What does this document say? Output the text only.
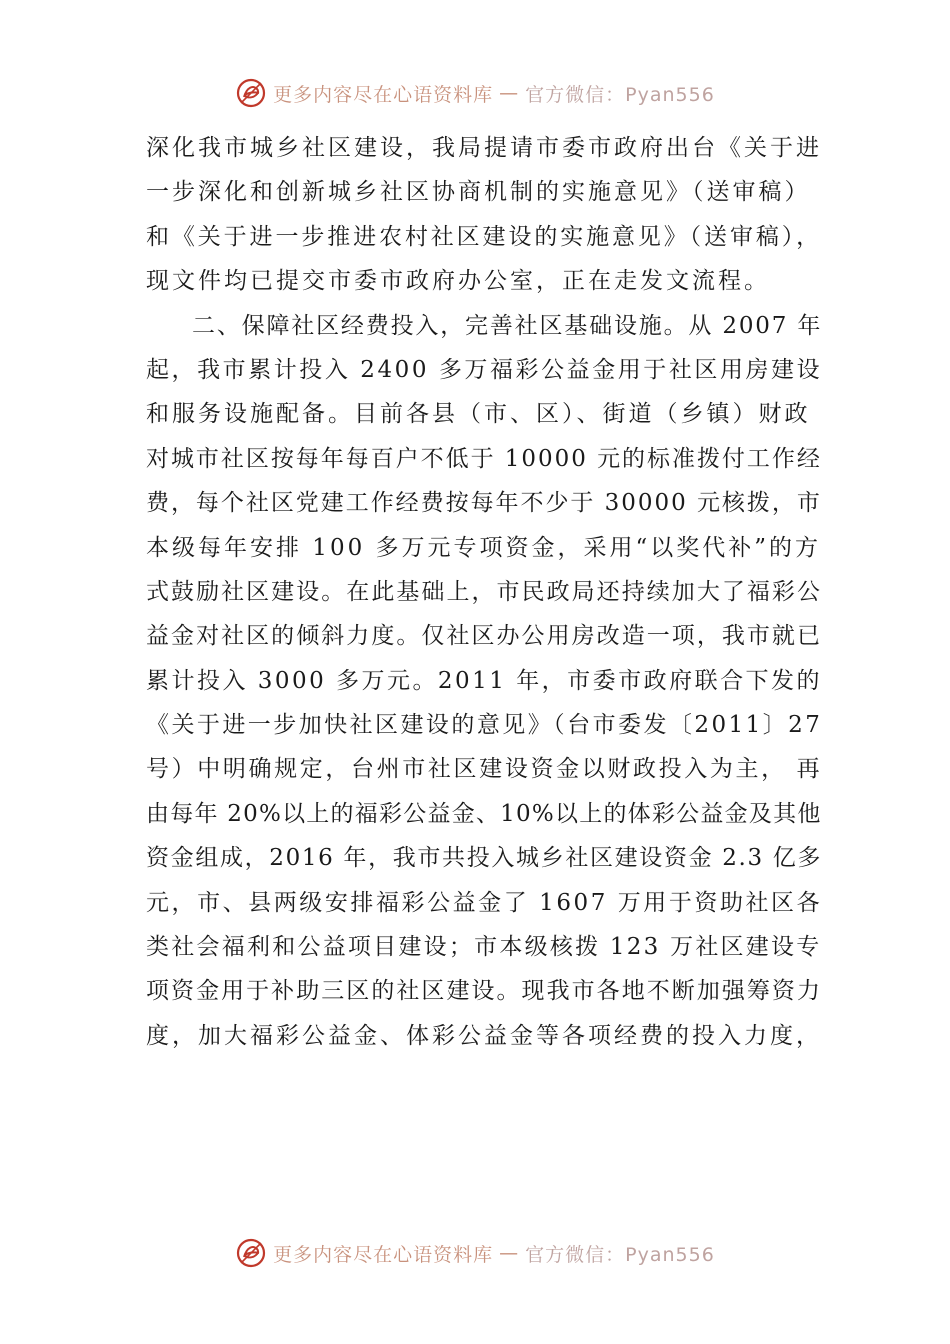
更多内容尽在心语资料库 — 官方微信：Pyan556
深化我市城乡社区建设，我局提请市委市政府出台《关于进
一步深化和创新城乡社区协商机制的实施意见》（送审稿）
和《关于进一步推进农村社区建设的实施意见》（送审稿），
现文件均已提交市委市政府办公室，正在走发文流程。
二、保障社区经费投入，完善社区基础设施。从 2007 年
起，我市累计投入 2400 多万福彩公益金用于社区用房建设
和服务设施配备。目前各县（市、区）、街道（乡镇）财政
对城市社区按每年每百户不低于 10000 元的标准拨付工作经
费，每个社区党建工作经费按每年不少于 30000 元核拨，市
本级每年安排 100 多万元专项资金，采用“以奖代补”的方
式鼓励社区建设。在此基础上，市民政局还持续加大了福彩公
益金对社区的倾斜力度。仅社区办公用房改造一项，我市就已
累计投入 3000 多万元。2011 年，市委市政府联合下发的
《关于进一步加快社区建设的意见》（台市委发〔2011〕27
号）中明确规定，台州市社区建设资金以财政投入为主， 再
由每年 20%以上的福彩公益金、10%以上的体彩公益金及其他
资金组成，2016 年，我市共投入城乡社区建设资金 2.3 亿多
元，市、县两级安排福彩公益金了 1607 万用于资助社区各
类社会福利和公益项目建设；市本级核拨 123 万社区建设专
项资金用于补助三区的社区建设。现我市各地不断加强筹资力
度，加大福彩公益金、体彩公益金等各项经费的投入力度，
更多内容尽在心语资料库 — 官方微信：Pyan556
